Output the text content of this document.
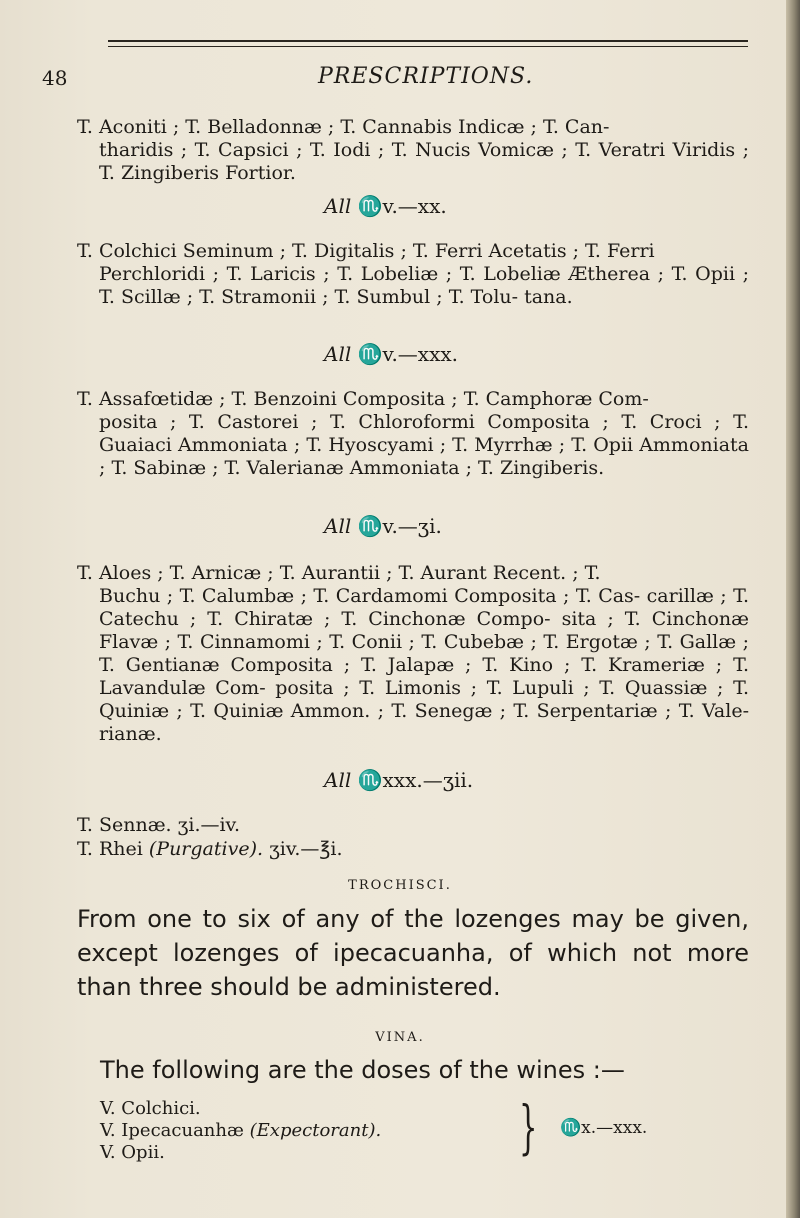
48	PRESCRIPTIONS.
T. Aconiti ; T. Belladonnæ ; T. Cannabis Indicæ ; T. Can-
tharidis ; T. Capsici ; T. Iodi ; T. Nucis Vomicæ ; T. Veratri Viridis ; T. Zingiberis Fortior.
All ♏v.—xx.
T. Colchici Seminum ; T. Digitalis ; T. Ferri Acetatis ; T. Ferri
Perchloridi ; T. Laricis ; T. Lobeliæ ; T. Lobeliæ Ætherea ; T. Opii ; T. Scillæ ; T. Stramonii ; T. Sumbul ; T. Tolu- tana.
All ♏v.—xxx.
T. Assafœtidæ ; T. Benzoini Composita ; T. Camphoræ Com-
posita ; T. Castorei ; T. Chloroformi Composita ; T. Croci ; T. Guaiaci Ammoniata ; T. Hyoscyami ; T. Myrrhæ ; T. Opii Ammoniata ; T. Sabinæ ; T. Valerianæ Ammoniata ; T. Zingiberis.
All ♏v.—ʒi.
T. Aloes ; T. Arnicæ ; T. Aurantii ; T. Aurant Recent. ; T.
Buchu ; T. Calumbæ ; T. Cardamomi Composita ; T. Cas- carillæ ; T. Catechu ; T. Chiratæ ; T. Cinchonæ Compo- sita ; T. Cinchonæ Flavæ ; T. Cinnamomi ; T. Conii ; T. Cubebæ ; T. Ergotæ ; T. Gallæ ; T. Gentianæ Composita ; T. Jalapæ ; T. Kino ; T. Krameriæ ; T. Lavandulæ Com- posita ; T. Limonis ; T. Lupuli ; T. Quassiæ ; T. Quiniæ ; T. Quiniæ Ammon. ; T. Senegæ ; T. Serpentariæ ; T. Vale- rianæ.
All ♏xxx.—ʒii.
T. Sennæ. ʒi.—iv.
T. Rhei (Purgative). ʒiv.—℥i.
TROCHISCI.
From one to six of any of the lozenges may be given, except lozenges of ipecacuanha, of which not more than three should be administered.
VINA.
The following are the doses of the wines :—
V. Colchici.
V. Ipecacuanhæ (Expectorant).
V. Opii.	} ♏x.—xxx.
